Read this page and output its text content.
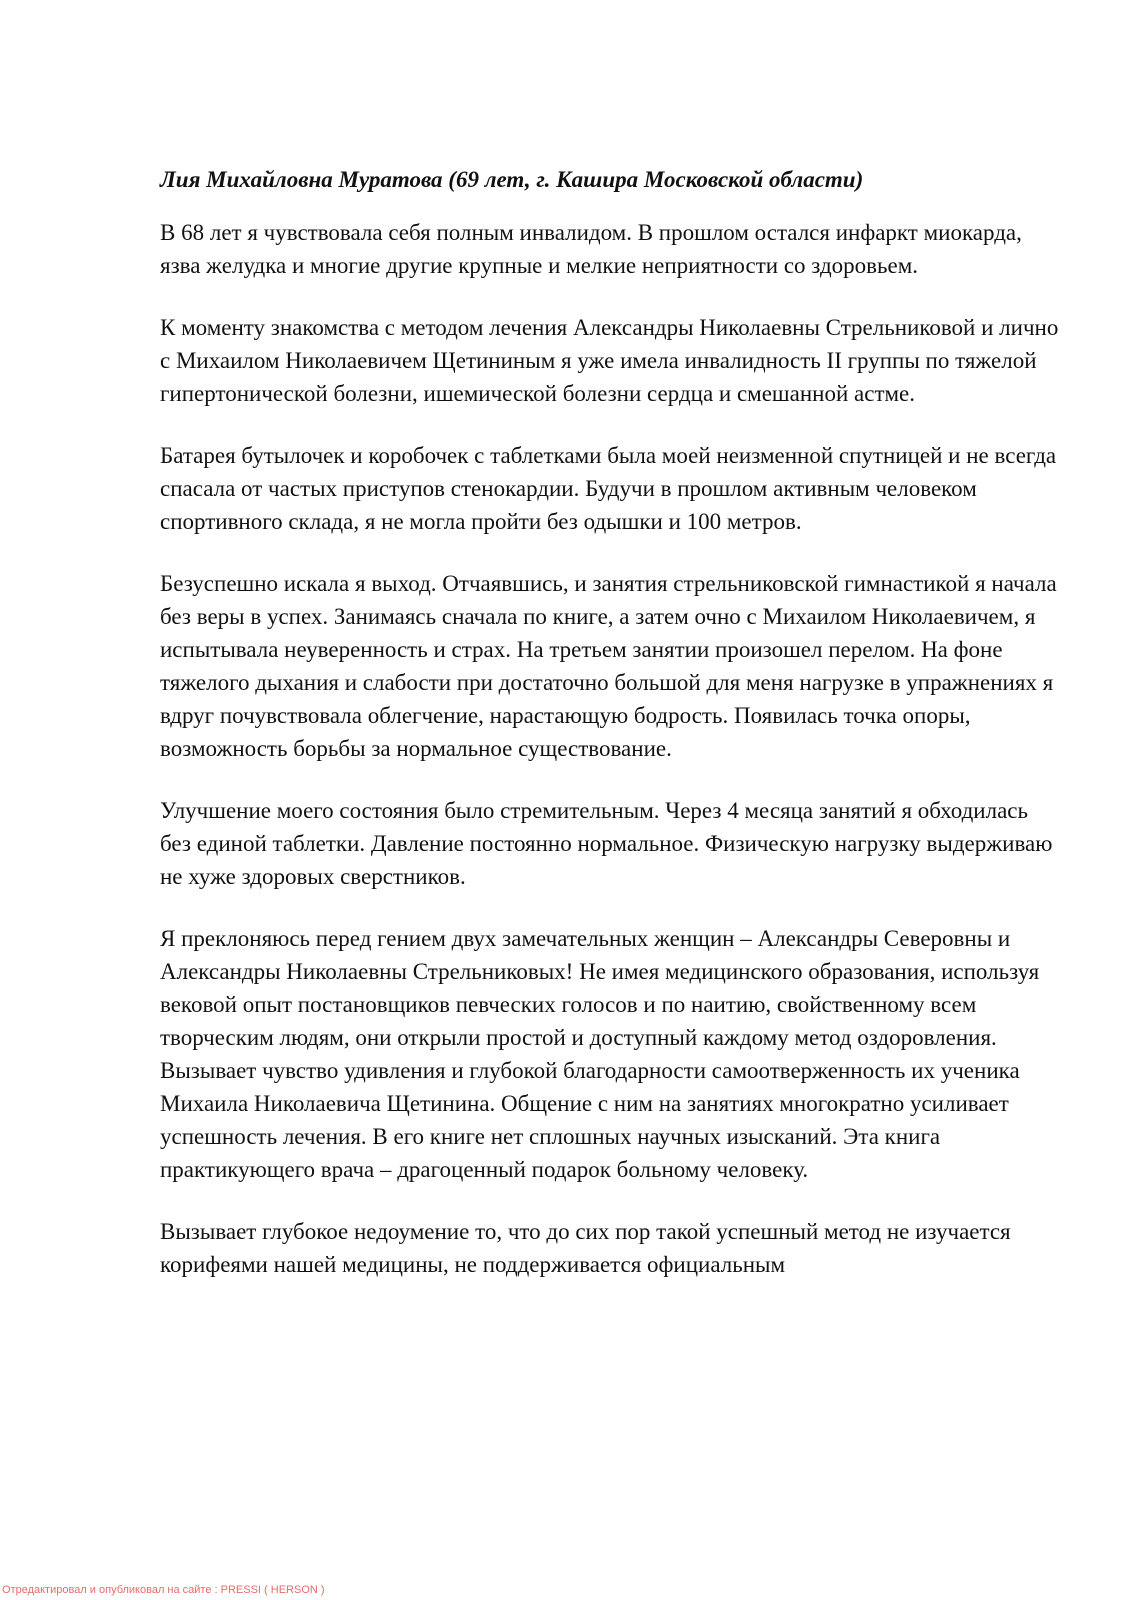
Лия Михайловна Муратова (69 лет, г. Кашира Московской области)

В 68 лет я чувствовала себя полным инвалидом. В прошлом остался инфаркт миокарда, язва желудка и многие другие крупные и мелкие неприятности со здоровьем.

К моменту знакомства с методом лечения Александры Николаевны Стрельниковой и лично с Михаилом Николаевичем Щетининым я уже имела инвалидность II группы по тяжелой гипертонической болезни, ишемической болезни сердца и смешанной астме.

Батарея бутылочек и коробочек с таблетками была моей неизменной спутницей и не всегда спасала от частых приступов стенокардии. Будучи в прошлом активным человеком спортивного склада, я не могла пройти без одышки и 100 метров.

Безуспешно искала я выход. Отчаявшись, и занятия стрельниковской гимнастикой я начала без веры в успех. Занимаясь сначала по книге, а затем очно с Михаилом Николаевичем, я испытывала неуверенность и страх. На третьем занятии произошел перелом. На фоне тяжелого дыхания и слабости при достаточно большой для меня нагрузке в упражнениях я вдруг почувствовала облегчение, нарастающую бодрость. Появилась точка опоры, возможность борьбы за нормальное существование.

Улучшение моего состояния было стремительным. Через 4 месяца занятий я обходилась без единой таблетки. Давление постоянно нормальное. Физическую нагрузку выдерживаю не хуже здоровых сверстников.

Я преклоняюсь перед гением двух замечательных женщин – Александры Северовны и Александры Николаевны Стрельниковых! Не имея медицинского образования, используя вековой опыт постановщиков певческих голосов и по наитию, свойственному всем творческим людям, они открыли простой и доступный каждому метод оздоровления. Вызывает чувство удивления и глубокой благодарности самоотверженность их ученика Михаила Николаевича Щетинина. Общение с ним на занятиях многократно усиливает успешность лечения. В его книге нет сплошных научных изысканий. Эта книга практикующего врача – драгоценный подарок больному человеку.

Вызывает глубокое недоумение то, что до сих пор такой успешный метод не изучается корифеями нашей медицины, не поддерживается официальным

Отредактировал и опубликовал на сайте : PRESSI ( HERSON )
